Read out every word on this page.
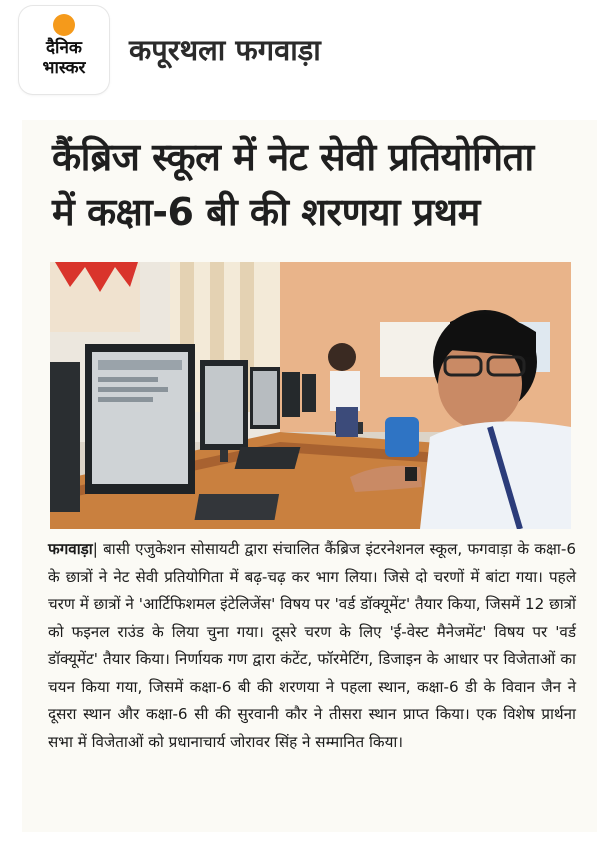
दैनिक
भास्कर
कपूरथला फगवाड़ा
कैंब्रिज स्कूल में नेट सेवी प्रतियोगिता
में कक्षा-6 बी की शरणया प्रथम
फगवाड़ा| बासी एजुकेशन सोसायटी द्वारा संचालित कैंब्रिज इंटरनेशनल स्कूल, फगवाड़ा के कक्षा-6 के छात्रों ने नेट सेवी प्रतियोगिता में बढ़-चढ़ कर भाग लिया। जिसे दो चरणों में बांटा गया। पहले चरण में छात्रों ने 'आर्टिफिशमल इंटेलिजेंस' विषय पर 'वर्ड डॉक्यूमेंट' तैयार किया, जिसमें 12 छात्रों को फइनल राउंड के लिया चुना गया। दूसरे चरण के लिए 'ई-वेस्ट मैनेजमेंट' विषय पर 'वर्ड डॉक्यूमेंट' तैयार किया। निर्णायक गण द्वारा कंटेंट, फॉरमेटिंग, डिजाइन के आधार पर विजेताओं का चयन किया गया, जिसमें कक्षा-6 बी की शरणया ने पहला स्थान, कक्षा-6 डी के विवान जैन ने दूसरा स्थान और कक्षा-6 सी की सुरवानी कौर ने तीसरा स्थान प्राप्त किया। एक विशेष प्रार्थना सभा में विजेताओं को प्रधानाचार्य जोरावर सिंह ने सम्मानित किया।
